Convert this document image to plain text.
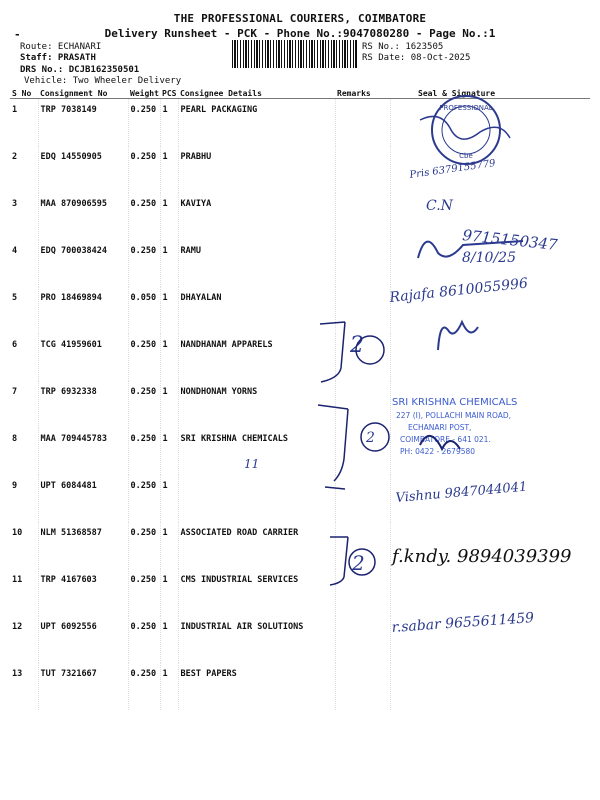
THE PROFESSIONAL COURIERS, COIMBATORE
Delivery Runsheet - PCK - Phone No.:9047080280 - Page No.:1
-
Route: ECHANARI
Staff: PRASATH
DRS No.: DCJB162350501
Vehicle: Two Wheeler Delivery
RS No.: 1623505
RS Date: 08-Oct-2025
S No	Consignment No	Weight	PCS	Consignee Details	Remarks	Seal & Signature
1	TRP 7038149	0.250	1	PEARL PACKAGING		
2	EDQ 14550905	0.250	1	PRABHU		
3	MAA 870906595	0.250	1	KAVIYA		
4	EDQ 700038424	0.250	1	RAMU		
5	PRO 18469894	0.050	1	DHAYALAN		
6	TCG 41959601	0.250	1	NANDHANAM APPARELS		
7	TRP 6932338	0.250	1	NONDHONAM YORNS		
8	MAA 709445783	0.250	1	SRI KRISHNA CHEMICALS		
9	UPT 6084481	0.250	1			
10	NLM 51368587	0.250	1	ASSOCIATED ROAD CARRIER		
11	TRP 4167603	0.250	1	CMS INDUSTRIAL SERVICES		
12	UPT 6092556	0.250	1	INDUSTRIAL AIR SOLUTIONS		
13	TUT 7321667	0.250	1	BEST PAPERS		
PROFESSIONAL
Cbe
Pris 6379155779
C.N
9715150347
8/10/25
Rajafa 8610055996
2
2
11
SRI KRISHNA CHEMICALS
227 (I), POLLACHI MAIN ROAD,
ECHANARI POST,
COIMBATORE - 641 021.
PH: 0422 - 2679580
Vishnu 9847044041
2 f.kndy. 9894039399
r.sabar 9655611459
